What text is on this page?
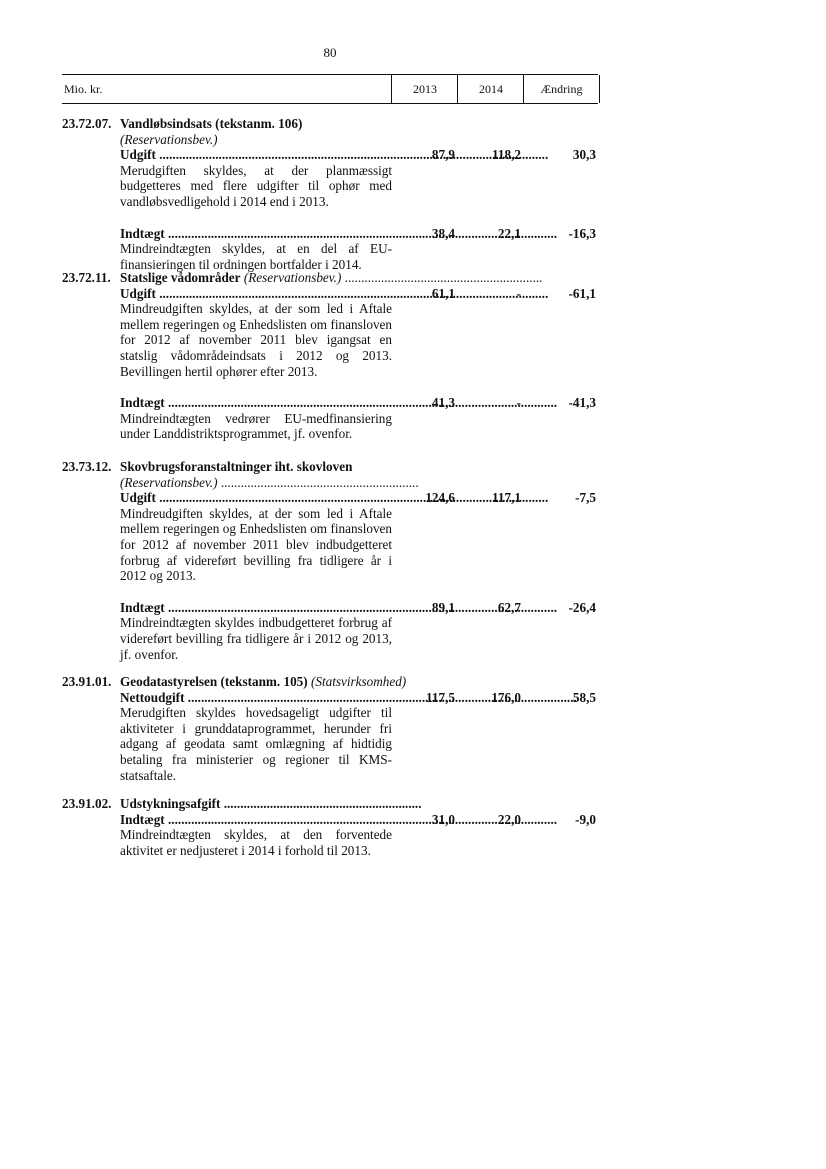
80
Mio. kr.	2013	2014	Ændring
23.72.07. Vandløbsindsats (tekstanm. 106) (Reservationsbev.)
Udgift .....	87,9	118,2	30,3
Merudgiften skyldes, at der planmæssigt budgetteres med flere udgifter til ophør med vandløbsvedligehold i 2014 end i 2013.
Indtægt .....	38,4	22,1	-16,3
Mindreindtægten skyldes, at en del af EU-finansieringen til ordningen bortfalder i 2014.
23.72.11. Statslige vådområder (Reservationsbev.) ............................................................
Udgift .....	61,1	-	-61,1
Mindreudgiften skyldes, at der som led i Aftale mellem regeringen og Enhedslisten om finansloven for 2012 af november 2011 blev igangsat en statslig vådområdeindsats i 2012 og 2013. Bevillingen hertil ophører efter 2013.
Indtægt .....	41,3	-	-41,3
Mindreindtægten vedrører EU-medfinansiering under Landdistriktsprogrammet, jf. ovenfor.
23.73.12. Skovbrugsforanstaltninger iht. skovloven
(Reservationsbev.) ............................................................
Udgift .....	124,6	117,1	-7,5
Mindreudgiften skyldes, at der som led i Aftale mellem regeringen og Enhedslisten om finansloven for 2012 af november 2011 blev indbudgetteret forbrug af videreført bevilling fra tidligere år i 2012 og 2013.
Indtægt .....	89,1	62,7	-26,4
Mindreindtægten skyldes indbudgetteret forbrug af videreført bevilling fra tidligere år i 2012 og 2013, jf. ovenfor.
23.91.01. Geodatastyrelsen (tekstanm. 105) (Statsvirksomhed)
Nettoudgift .....	117,5	176,0	58,5
Merudgiften skyldes hovedsageligt udgifter til aktiviteter i grunddataprogrammet, herunder fri adgang af geodata samt omlægning af hidtidig betaling fra ministerier og regioner til KMS-statsaftale.
23.91.02. Udstykningsafgift ............................................................
Indtægt .....	31,0	22,0	-9,0
Mindreindtægten skyldes, at den forventede aktivitet er nedjusteret i 2014 i forhold til 2013.
